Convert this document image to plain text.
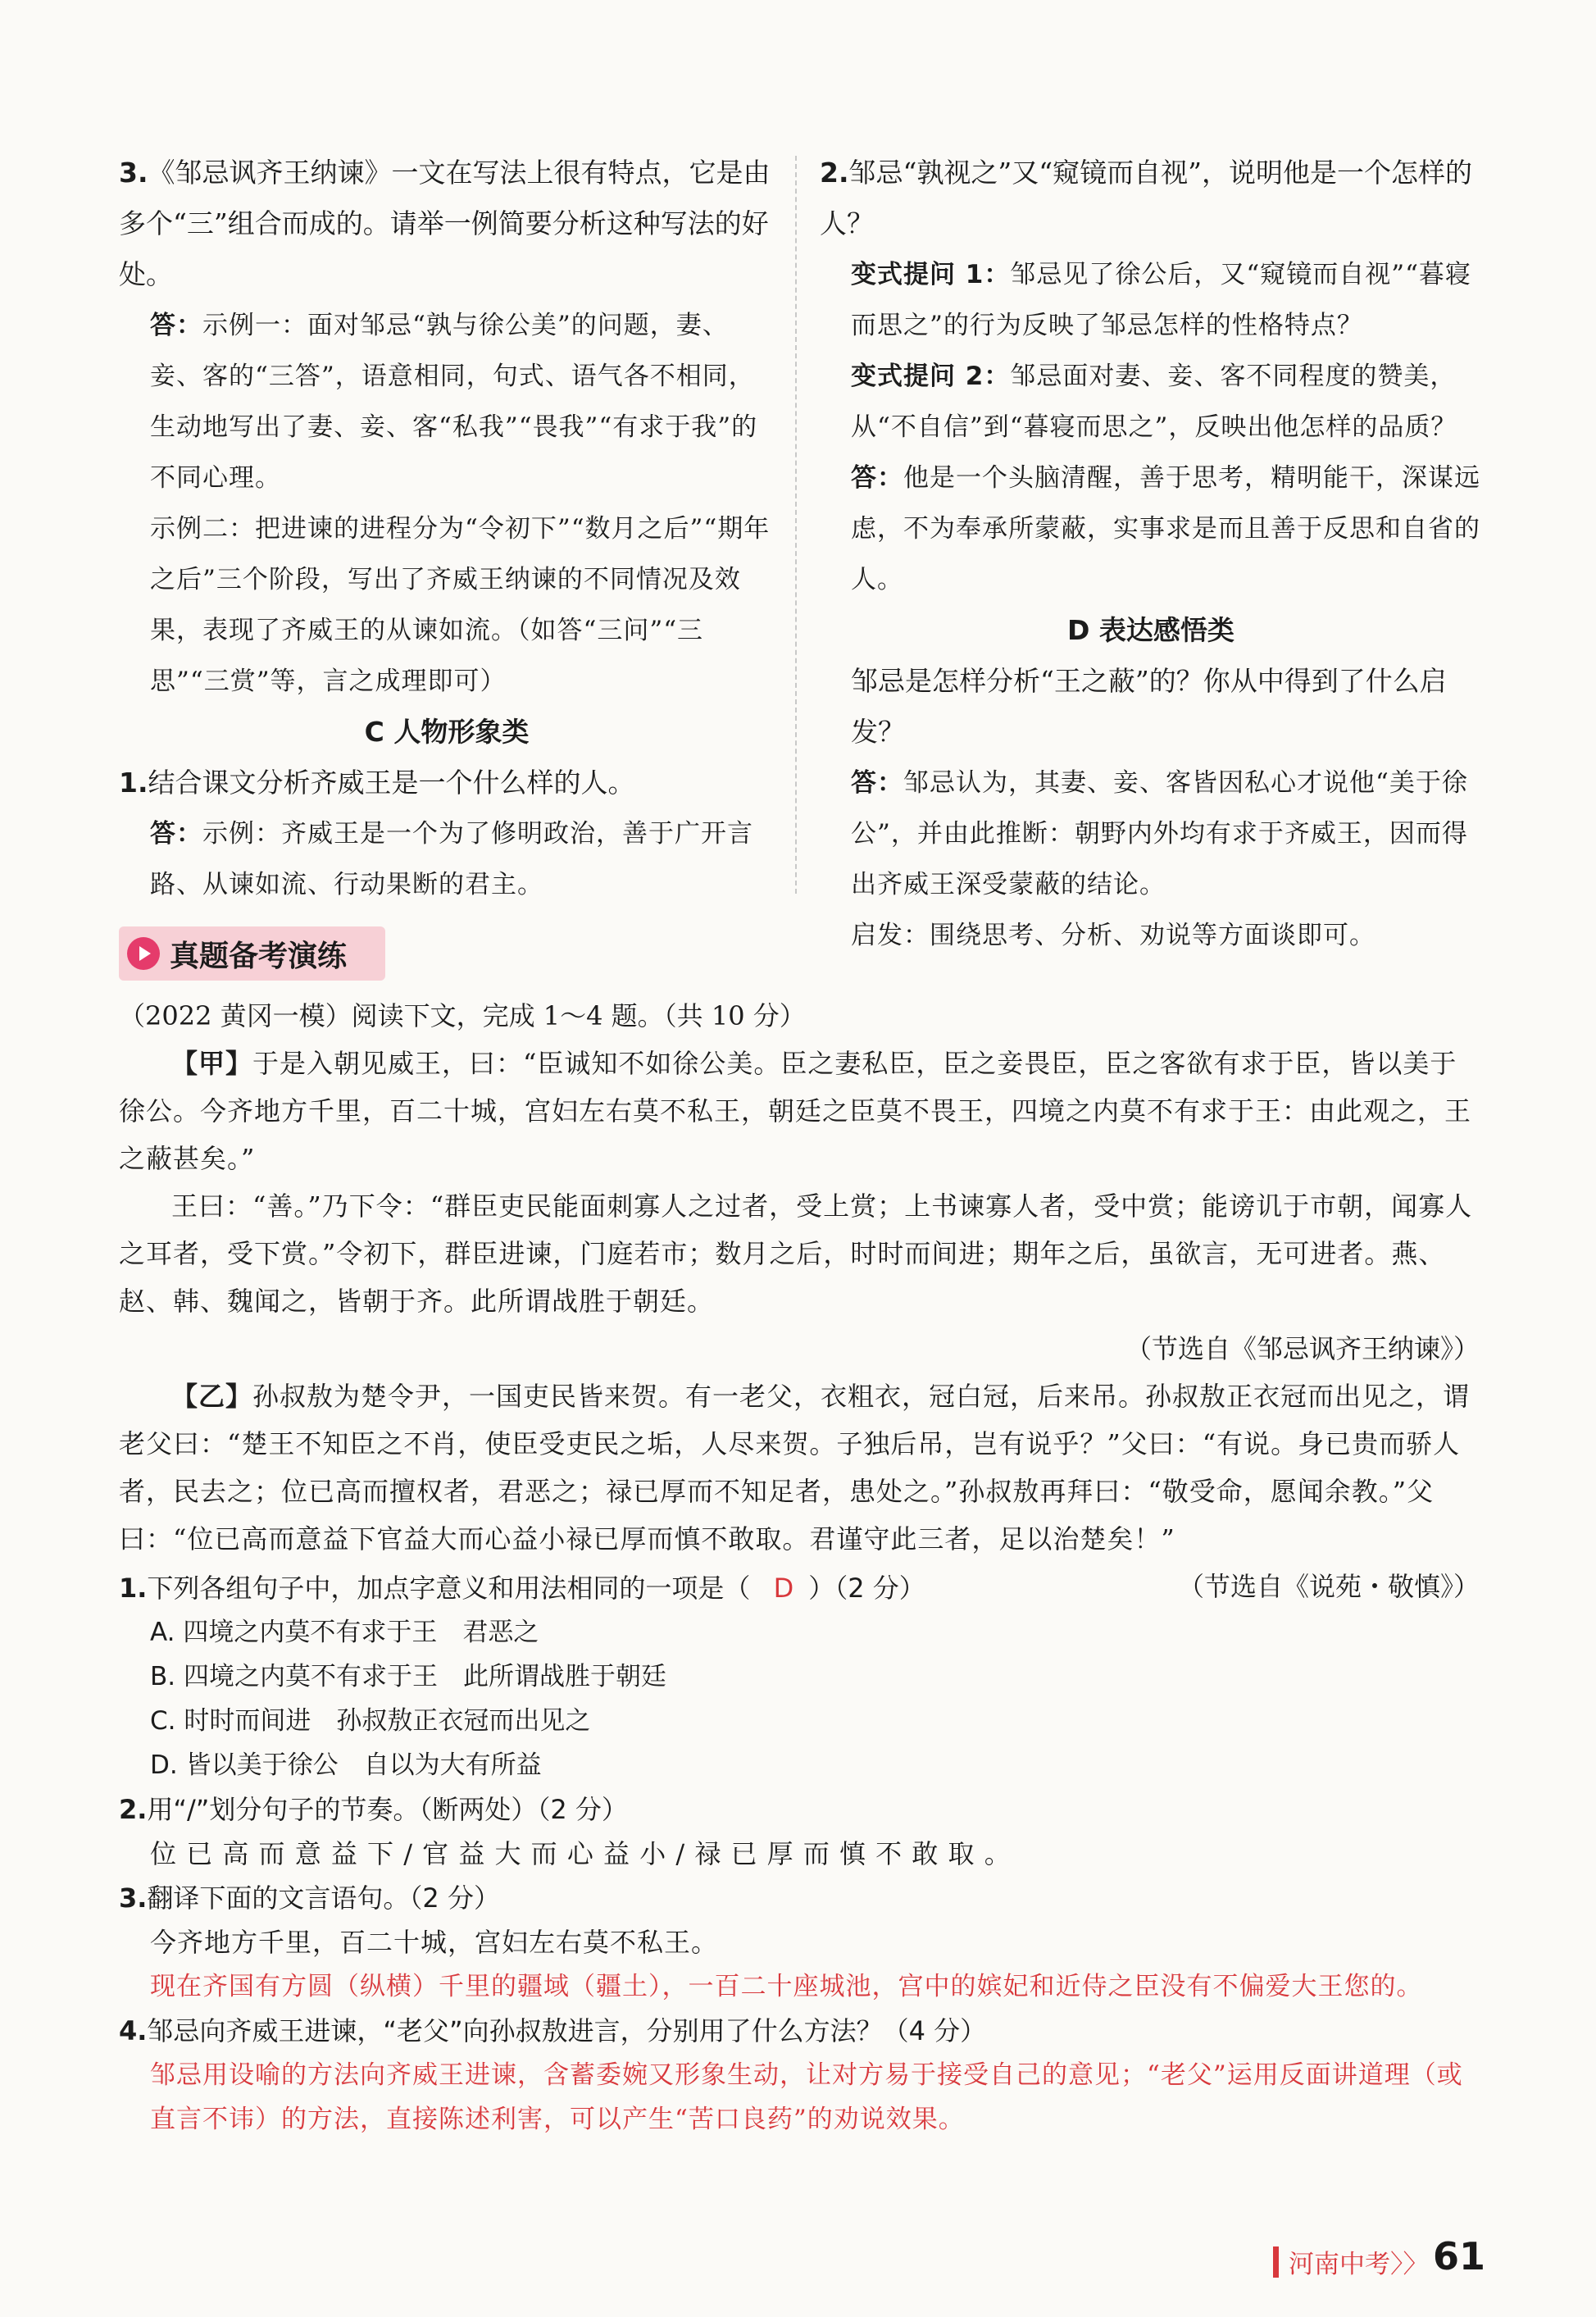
3.《邹忌讽齐王纳谏》一文在写法上很有特点，它是由多个“三”组合而成的。请举一例简要分析这种写法的好处。
答：示例一：面对邹忌“孰与徐公美”的问题，妻、妾、客的“三答”，语意相同，句式、语气各不相同，生动地写出了妻、妾、客“私我”“畏我”“有求于我”的不同心理。
示例二：把进谏的进程分为“令初下”“数月之后”“期年之后”三个阶段，写出了齐威王纳谏的不同情况及效果，表现了齐威王的从谏如流。（如答“三问”“三思”“三赏”等，言之成理即可）
C 人物形象类
1.结合课文分析齐威王是一个什么样的人。
答：示例：齐威王是一个为了修明政治，善于广开言路、从谏如流、行动果断的君主。
2.邹忌“孰视之”又“窥镜而自视”，说明他是一个怎样的人？
变式提问 1：邹忌见了徐公后，又“窥镜而自视”“暮寝而思之”的行为反映了邹忌怎样的性格特点？
变式提问 2：邹忌面对妻、妾、客不同程度的赞美，从“不自信”到“暮寝而思之”，反映出他怎样的品质？
答：他是一个头脑清醒，善于思考，精明能干，深谋远虑，不为奉承所蒙蔽，实事求是而且善于反思和自省的人。
D 表达感悟类
邹忌是怎样分析“王之蔽”的？你从中得到了什么启发？
答：邹忌认为，其妻、妾、客皆因私心才说他“美于徐公”，并由此推断：朝野内外均有求于齐威王，因而得出齐威王深受蒙蔽的结论。
启发：围绕思考、分析、劝说等方面谈即可。
真题备考演练
（2022 黄冈一模）阅读下文，完成 1～4 题。（共 10 分）
【甲】于是入朝见威王，曰：“臣诚知不如徐公美。臣之妻私臣，臣之妾畏臣，臣之客欲有求于臣，皆以美于徐公。今齐地方千里，百二十城，宫妇左右莫不私王，朝廷之臣莫不畏王，四境之内莫不有求于王：由此观之，王之蔽甚矣。”
王曰：“善。”乃下令：“群臣吏民能面刺寡人之过者，受上赏；上书谏寡人者，受中赏；能谤讥于市朝，闻寡人之耳者，受下赏。”令初下，群臣进谏，门庭若市；数月之后，时时而间进；期年之后，虽欲言，无可进者。燕、赵、韩、魏闻之，皆朝于齐。此所谓战胜于朝廷。
（节选自《邹忌讽齐王纳谏》）
【乙】孙叔敖为楚令尹，一国吏民皆来贺。有一老父，衣粗衣，冠白冠，后来吊。孙叔敖正衣冠而出见之，谓老父曰：“楚王不知臣之不肖，使臣受吏民之垢，人尽来贺。子独后吊，岂有说乎？”父曰：“有说。身已贵而骄人者，民去之；位已高而擅权者，君恶之；禄已厚而不知足者，患处之。”孙叔敖再拜曰：“敬受命，愿闻余教。”父曰：“位已高而意益下官益大而心益小禄已厚而慎不敢取。君谨守此三者，足以治楚矣！”
（节选自《说苑・敬慎》）
1.下列各组句子中，加点字意义和用法相同的一项是（ D ）（2 分）
A. 四境之内莫不有求于王　君恶之
B. 四境之内莫不有求于王　此所谓战胜于朝廷
C. 时时而间进　孙叔敖正衣冠而出见之
D. 皆以美于徐公　自以为大有所益
2.用“/”划分句子的节奏。（断两处）（2 分）
位 已 高 而 意 益 下 / 官 益 大 而 心 益 小 / 禄 已 厚 而 慎 不 敢 取 。
3.翻译下面的文言语句。（2 分）
今齐地方千里，百二十城，宫妇左右莫不私王。
现在齐国有方圆（纵横）千里的疆域（疆土），一百二十座城池，宫中的嫔妃和近侍之臣没有不偏爱大王您的。
4.邹忌向齐威王进谏，“老父”向孙叔敖进言，分别用了什么方法？（4 分）
邹忌用设喻的方法向齐威王进谏，含蓄委婉又形象生动，让对方易于接受自己的意见；“老父”运用反面讲道理（或直言不讳）的方法，直接陈述利害，可以产生“苦口良药”的劝说效果。
河南中考〉〉 61
